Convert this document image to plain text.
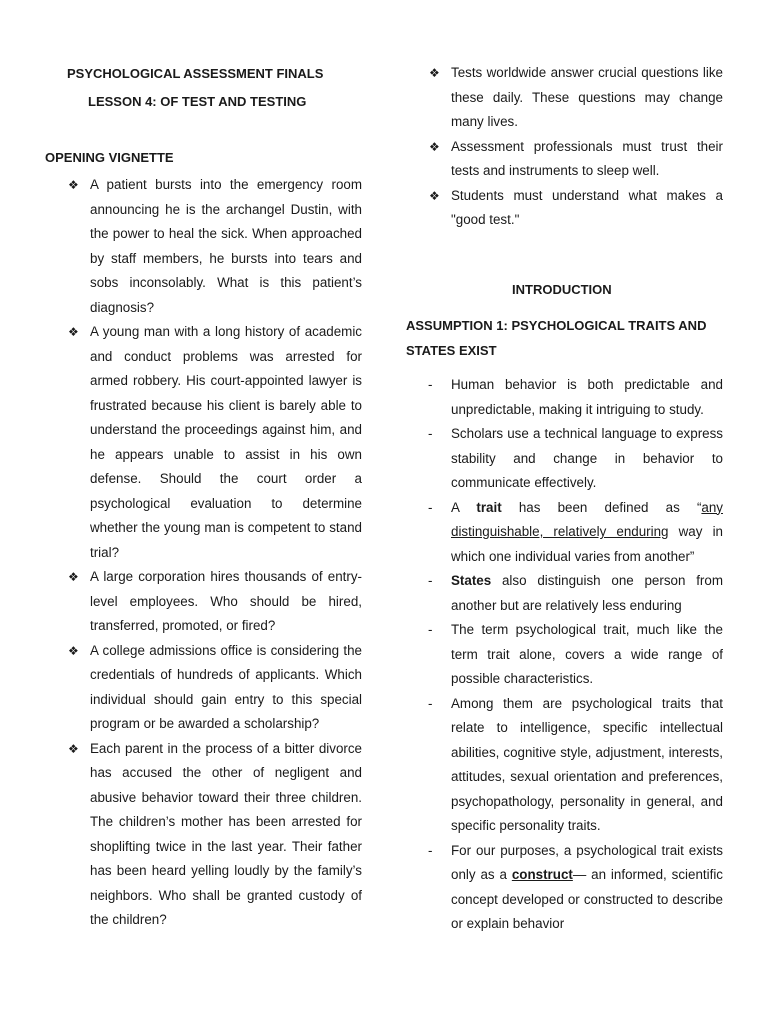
PSYCHOLOGICAL ASSESSMENT FINALS
LESSON 4: OF TEST AND TESTING
OPENING VIGNETTE
❖ A patient bursts into the emergency room announcing he is the archangel Dustin, with the power to heal the sick. When approached by staff members, he bursts into tears and sobs inconsolably. What is this patient’s diagnosis?
❖ A young man with a long history of academic and conduct problems was arrested for armed robbery. His court-appointed lawyer is frustrated because his client is barely able to understand the proceedings against him, and he appears unable to assist in his own defense. Should the court order a psychological evaluation to determine whether the young man is competent to stand trial?
❖ A large corporation hires thousands of entry-level employees. Who should be hired, transferred, promoted, or fired?
❖ A college admissions office is considering the credentials of hundreds of applicants. Which individual should gain entry to this special program or be awarded a scholarship?
❖ Each parent in the process of a bitter divorce has accused the other of negligent and abusive behavior toward their three children. The children’s mother has been arrested for shoplifting twice in the last year. Their father has been heard yelling loudly by the family’s neighbors. Who shall be granted custody of the children?
❖ Tests worldwide answer crucial questions like these daily. These questions may change many lives.
❖ Assessment professionals must trust their tests and instruments to sleep well.
❖ Students must understand what makes a "good test."
INTRODUCTION
ASSUMPTION 1: PSYCHOLOGICAL TRAITS AND STATES EXIST
- Human behavior is both predictable and unpredictable, making it intriguing to study.
- Scholars use a technical language to express stability and change in behavior to communicate effectively.
- A trait has been defined as “any distinguishable, relatively enduring way in which one individual varies from another”
- States also distinguish one person from another but are relatively less enduring
- The term psychological trait, much like the term trait alone, covers a wide range of possible characteristics.
- Among them are psychological traits that relate to intelligence, specific intellectual abilities, cognitive style, adjustment, interests, attitudes, sexual orientation and preferences, psychopathology, personality in general, and specific personality traits.
- For our purposes, a psychological trait exists only as a construct— an informed, scientific concept developed or constructed to describe or explain behavior
